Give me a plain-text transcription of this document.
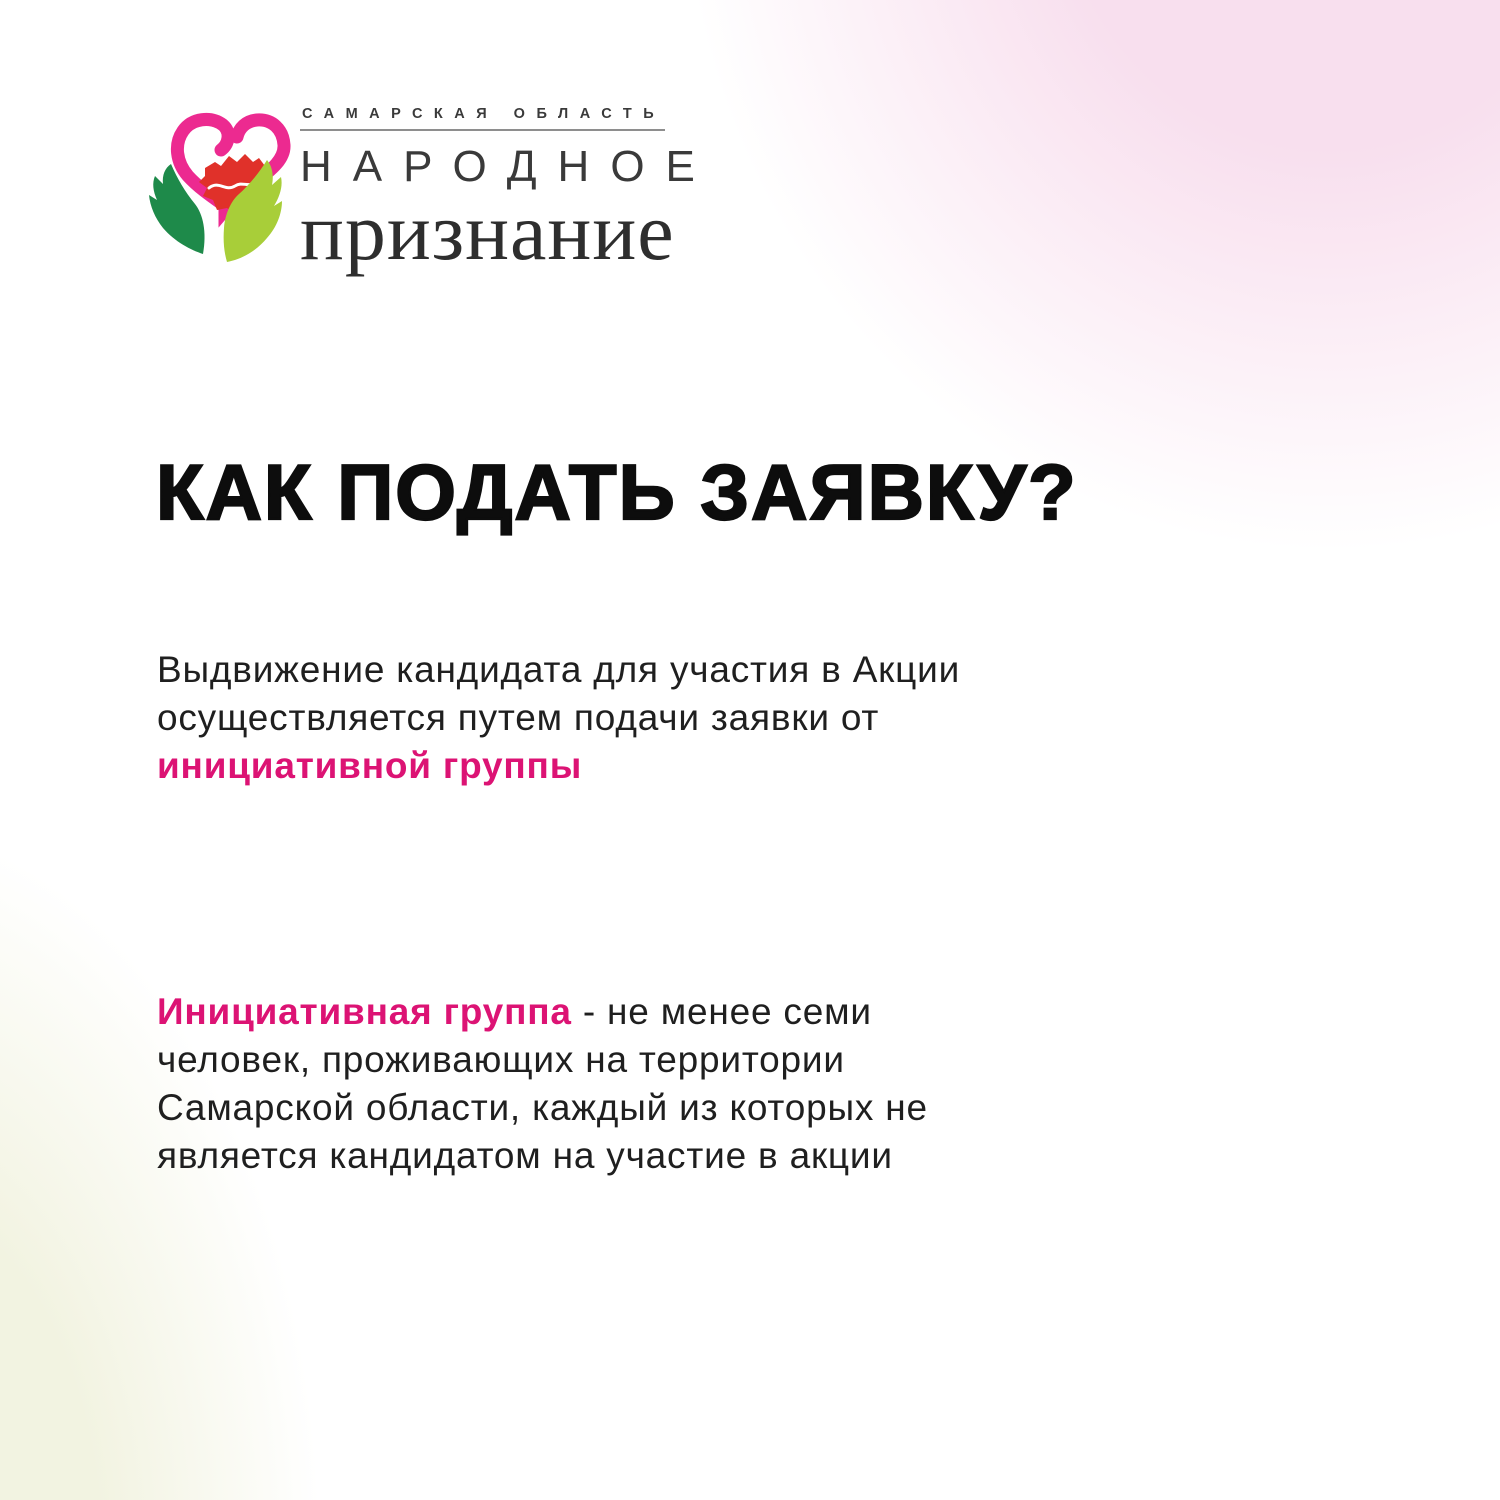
САМАРСКАЯ ОБЛАСТЬ
НАРОДНОЕ
признание
КАК ПОДАТЬ ЗАЯВКУ?

Выдвижение кандидата для участия в Акции
осуществляется путем подачи заявки от
инициативной группы

Инициативная группа - не менее семи
человек, проживающих на территории
Самарской области, каждый из которых не
является кандидатом на участие в акции
